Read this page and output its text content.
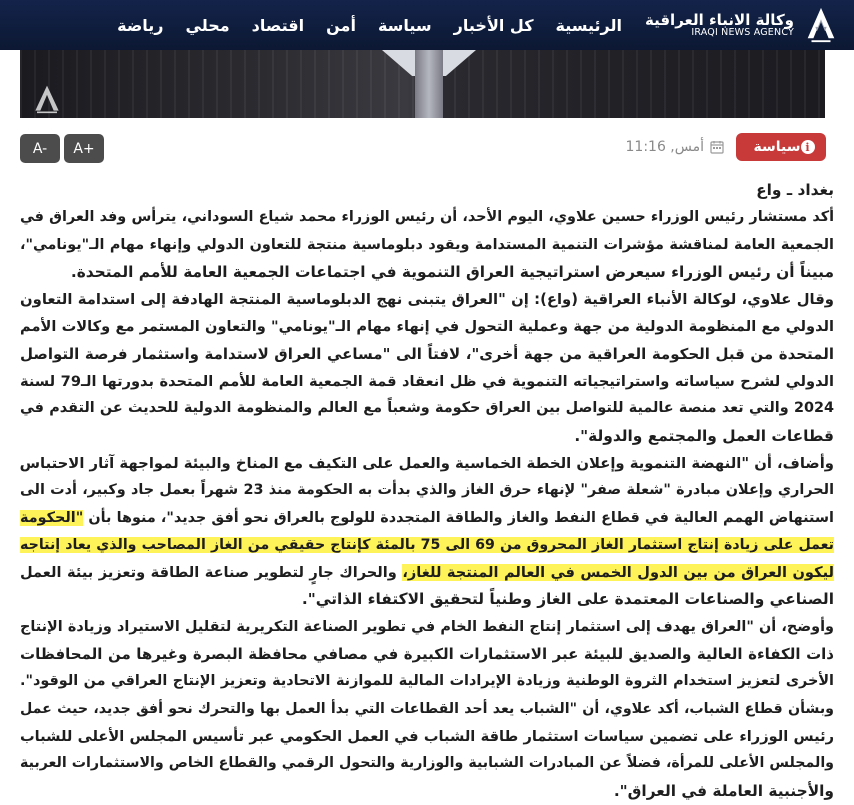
وكالة الانباء العراقية
IRAQI NEWS AGENCY
الرئيسية
كل الأخبار
سياسة
أمن
اقتصاد
محلي
رياضة
A-	A+	سياسة i
أمس, 11:16
بغداد ـ واع
أكد مستشار رئيس الوزراء حسين علاوي، اليوم الأحد، أن رئيس الوزراء محمد شياع السوداني، يترأس وفد العراق في
الجمعية العامة لمناقشة مؤشرات التنمية المستدامة ويقود دبلوماسية منتجة للتعاون الدولي وإنهاء مهام الـ"يونامي"،
مبيناً أن رئيس الوزراء سيعرض استراتيجية العراق التنموية في اجتماعات الجمعية العامة للأمم المتحدة.
وقال علاوي، لوكالة الأنباء العراقية (واع): إن "العراق يتبنى نهج الدبلوماسية المنتجة الهادفة إلى استدامة التعاون
الدولي مع المنظومة الدولية من جهة وعملية التحول في إنهاء مهام الـ"يونامي" والتعاون المستمر مع وكالات الأمم
المتحدة من قبل الحكومة العراقية من جهة أخرى"، لافتاً الى "مساعي العراق لاستدامة واستثمار فرصة التواصل
الدولي لشرح سياساته واستراتيجياته التنموية في ظل انعقاد قمة الجمعية العامة للأمم المتحدة بدورتها الـ79 لسنة
2024 والتي تعد منصة عالمية للتواصل بين العراق حكومة وشعباً مع العالم والمنظومة الدولية للحديث عن التقدم في
قطاعات العمل والمجتمع والدولة".
وأضاف، أن "النهضة التنموية وإعلان الخطة الخماسية والعمل على التكيف مع المناخ والبيئة لمواجهة آثار الاحتباس
الحراري وإعلان مبادرة "شعلة صفر" لإنهاء حرق الغاز والذي بدأت به الحكومة منذ 23 شهراً بعمل جاد وكبير، أدت الى
استنهاض الهمم العالية في قطاع النفط والغاز والطاقة المتجددة للولوج بالعراق نحو أفق جديد"، منوها بأن "الحكومة
تعمل على زيادة إنتاج استثمار الغاز المحروق من 69 الى 75 بالمئة كإنتاج حقيقي من الغاز المصاحب والذي يعاد إنتاجه
ليكون العراق من بين الدول الخمس في العالم المنتجة للغاز، والحراك جارٍ لتطوير صناعة الطاقة وتعزيز بيئة العمل
الصناعي والصناعات المعتمدة على الغاز وطنياً لتحقيق الاكتفاء الذاتي".
وأوضح، أن "العراق يهدف إلى استثمار إنتاج النفط الخام في تطوير الصناعة التكريرية لتقليل الاستيراد وزيادة الإنتاج
ذات الكفاءة العالية والصديق للبيئة عبر الاستثمارات الكبيرة في مصافي محافظة البصرة وغيرها من المحافظات
الأخرى لتعزيز استخدام الثروة الوطنية وزيادة الإيرادات المالية للموازنة الاتحادية وتعزيز الإنتاج العراقي من الوقود".
وبشأن قطاع الشباب، أكد علاوي، أن "الشباب يعد أحد القطاعات التي بدأ العمل بها والتحرك نحو أفق جديد، حيث عمل
رئيس الوزراء على تضمين سياسات استثمار طاقة الشباب في العمل الحكومي عبر تأسيس المجلس الأعلى للشباب
والمجلس الأعلى للمرأة، فضلاً عن المبادرات الشبابية والوزارية والتحول الرقمي والقطاع الخاص والاستثمارات العربية
والأجنبية العاملة في العراق".
